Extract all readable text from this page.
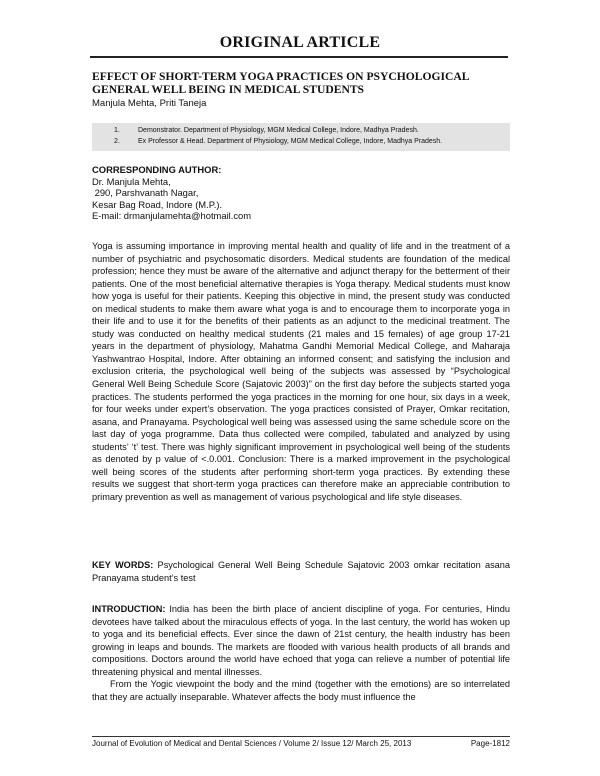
ORIGINAL ARTICLE
EFFECT OF SHORT-TERM YOGA PRACTICES ON PSYCHOLOGICAL GENERAL WELL BEING IN MEDICAL STUDENTS
Manjula Mehta, Priti Taneja
1.	Demonstrator. Department of Physiology, MGM Medical College, Indore, Madhya Pradesh.
2.	Ex Professor & Head. Department of Physiology, MGM Medical College, Indore, Madhya Pradesh.
CORRESPONDING AUTHOR:
Dr. Manjula Mehta,
290, Parshvanath Nagar,
Kesar Bag Road, Indore (M.P.).
E-mail: drmanjulamehta@hotmail.com
Yoga is assuming importance in improving mental health and quality of life and in the treatment of a number of psychiatric and psychosomatic disorders. Medical students are foundation of the medical profession; hence they must be aware of the alternative and adjunct therapy for the betterment of their patients. One of the most beneficial alternative therapies is Yoga therapy. Medical students must know how yoga is useful for their patients. Keeping this objective in mind, the present study was conducted on medical students to make them aware what yoga is and to encourage them to incorporate yoga in their life and to use it for the benefits of their patients as an adjunct to the medicinal treatment. The study was conducted on healthy medical students (21 males and 15 females) of age group 17-21 years in the department of physiology, Mahatma Gandhi Memorial Medical College, and Maharaja Yashwantrao Hospital, Indore. After obtaining an informed consent; and satisfying the inclusion and exclusion criteria, the psychological well being of the subjects was assessed by “Psychological General Well Being Schedule Score (Sajatovic 2003)” on the first day before the subjects started yoga practices. The students performed the yoga practices in the morning for one hour, six days in a week, for four weeks under expert’s observation. The yoga practices consisted of Prayer, Omkar recitation, asana, and Pranayama. Psychological well being was assessed using the same schedule score on the last day of yoga programme. Data thus collected were compiled, tabulated and analyzed by using students’ ‘t’ test. There was highly significant improvement in psychological well being of the students as denoted by p value of <.0.001. Conclusion: There is a marked improvement in the psychological well being scores of the students after performing short-term yoga practices. By extending these results we suggest that short-term yoga practices can therefore make an appreciable contribution to primary prevention as well as management of various psychological and life style diseases.
KEY WORDS: Psychological General Well Being Schedule Sajatovic 2003 omkar recitation asana Pranayama student’s test

INTRODUCTION: India has been the birth place of ancient discipline of yoga. For centuries, Hindu devotees have talked about the miraculous effects of yoga. In the last century, the world has woken up to yoga and its beneficial effects. Ever since the dawn of 21st century, the health industry has been growing in leaps and bounds. The markets are flooded with various health products of all brands and compositions. Doctors around the world have echoed that yoga can relieve a number of potential life threatening physical and mental illnesses.

From the Yogic viewpoint the body and the mind (together with the emotions) are so interrelated that they are actually inseparable. Whatever affects the body must influence the

Journal of Evolution of Medical and Dental Sciences / Volume 2/ Issue 12/ March 25, 2013	Page-1812
